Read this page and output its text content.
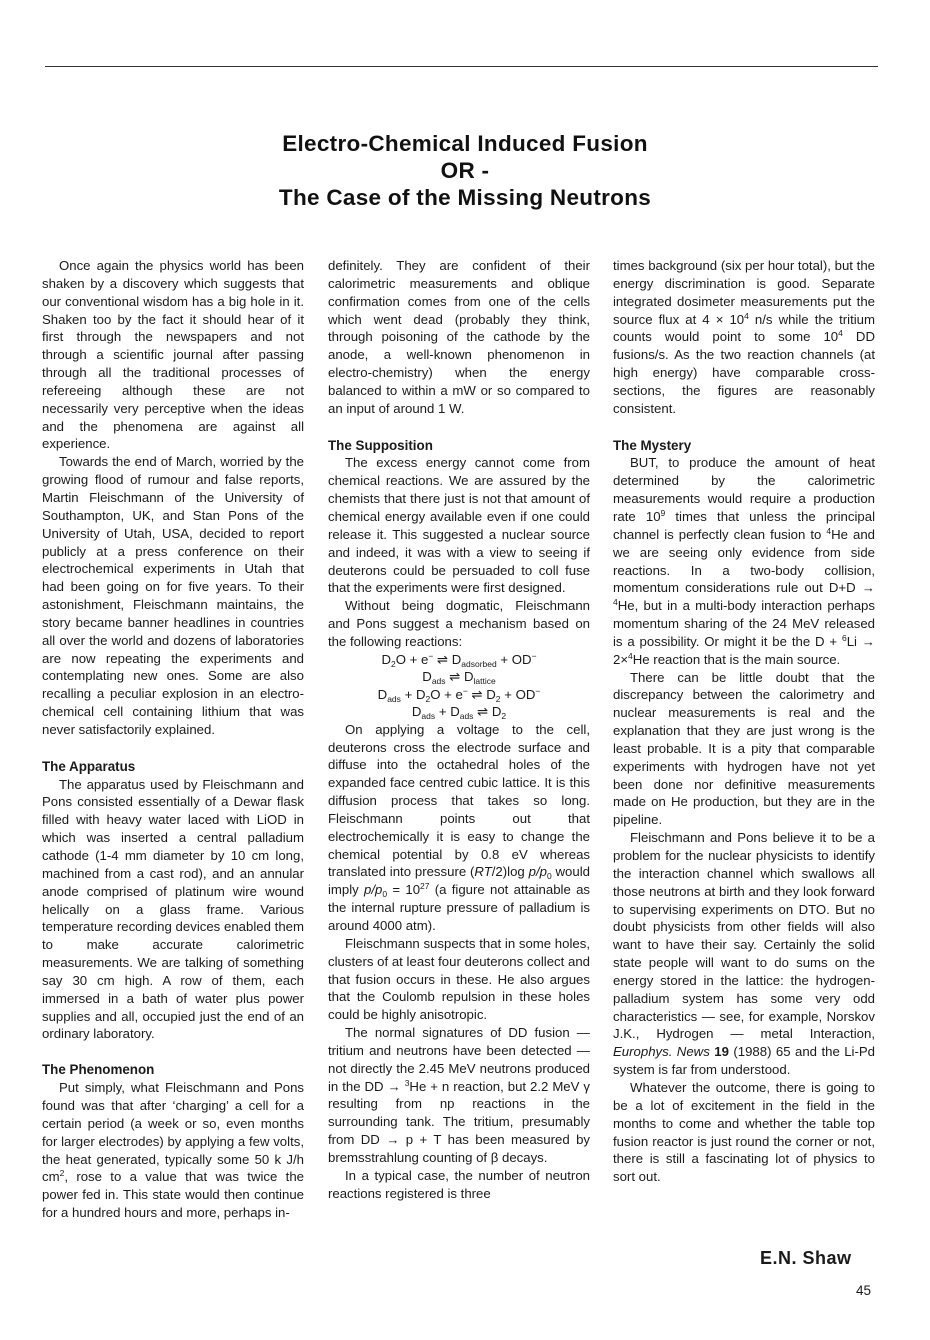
Electro-Chemical Induced Fusion
OR -
The Case of the Missing Neutrons

Once again the physics world has been shaken by a discovery which suggests that our conventional wisdom has a big hole in it. Shaken too by the fact it should hear of it first through the newspapers and not through a scientific journal after passing through all the traditional processes of refereeing although these are not necessarily very perceptive when the ideas and the phenomena are against all experience.

Towards the end of March, worried by the growing flood of rumour and false reports, Martin Fleischmann of the University of Southampton, UK, and Stan Pons of the University of Utah, USA, decided to report publicly at a press conference on their electrochemical experiments in Utah that had been going on for five years. To their astonishment, Fleischmann maintains, the story became banner headlines in countries all over the world and dozens of laboratories are now repeating the experiments and contemplating new ones. Some are also recalling a peculiar explosion in an electro-chemical cell containing lithium that was never satisfactorily explained.

The Apparatus

The apparatus used by Fleischmann and Pons consisted essentially of a Dewar flask filled with heavy water laced with LiOD in which was inserted a central palladium cathode (1-4 mm diameter by 10 cm long, machined from a cast rod), and an annular anode comprised of platinum wire wound helically on a glass frame. Various temperature recording devices enabled them to make accurate calorimetric measurements. We are talking of something say 30 cm high. A row of them, each immersed in a bath of water plus power supplies and all, occupied just the end of an ordinary laboratory.

The Phenomenon

Put simply, what Fleischmann and Pons found was that after ‘charging’ a cell for a certain period (a week or so, even months for larger electrodes) by applying a few volts, the heat generated, typically some 50 k J/h $cm^2$, rose to a value that was twice the power fed in. This state would then continue for a hundred hours and more, perhaps in-

definitely. They are confident of their calorimetric measurements and oblique confirmation comes from one of the cells which went dead (probably they think, through poisoning of the cathode by the anode, a well-known phenomenon in electro-chemistry) when the energy balanced to within a mW or so compared to an input of around 1 W.

The Supposition

The excess energy cannot come from chemical reactions. We are assured by the chemists that there just is not that amount of chemical energy available even if one could release it. This suggested a nuclear source and indeed, it was with a view to seeing if deuterons could be persuaded to coll fuse that the experiments were first designed.

Without being dogmatic, Fleischmann and Pons suggest a mechanism based on the following reactions:

$D_2O + e^-$ ⇌ $D_{adsorbed} + OD^-$
$D_{ads}$ ⇌ $D_{lattice}$
$D_{ads} + D_2O + e^-$ ⇌ $D_2 + OD^-$
$D_{ads} + D_{ads}$ ⇌ $D_2$

On applying a voltage to the cell, deuterons cross the electrode surface and diffuse into the octahedral holes of the expanded face centred cubic lattice. It is this diffusion process that takes so long. Fleischmann points out that electrochemically it is easy to change the chemical potential by 0.8 eV whereas translated into pressure (RT/2)log $p/p_0$ would imply $p/p_0 = 10^{27}$ (a figure not attainable as the internal rupture pressure of palladium is around 4000 atm).

Fleischmann suspects that in some holes, clusters of at least four deuterons collect and that fusion occurs in these. He also argues that the Coulomb repulsion in these holes could be highly anisotropic.

The normal signatures of DD fusion — tritium and neutrons have been detected — not directly the 2.45 MeV neutrons produced in the DD → $^3$He + n reaction, but 2.2 MeV γ resulting from np reactions in the surrounding tank. The tritium, presumably from DD → p + T has been measured by bremsstrahlung counting of β decays.

In a typical case, the number of neutron reactions registered is three

times background (six per hour total), but the energy discrimination is good. Separate integrated dosimeter measurements put the source flux at $4 \times 10^4$ n/s while the tritium counts would point to some $10^4$ DD fusions/s. As the two reaction channels (at high energy) have comparable cross-sections, the figures are reasonably consistent.

The Mystery

BUT, to produce the amount of heat determined by the calorimetric measurements would require a production rate $10^9$ times that unless the principal channel is perfectly clean fusion to $^4$He and we are seeing only evidence from side reactions. In a two-body collision, momentum considerations rule out D+D → $^4$He, but in a multi-body interaction perhaps momentum sharing of the 24 MeV released is a possibility. Or might it be the D + $^6$Li → 2×$^4$He reaction that is the main source.

There can be little doubt that the discrepancy between the calorimetry and nuclear measurements is real and the explanation that they are just wrong is the least probable. It is a pity that comparable experiments with hydrogen have not yet been done nor definitive measurements made on He production, but they are in the pipeline.

Fleischmann and Pons believe it to be a problem for the nuclear physicists to identify the interaction channel which swallows all those neutrons at birth and they look forward to supervising experiments on DTO. But no doubt physicists from other fields will also want to have their say. Certainly the solid state people will want to do sums on the energy stored in the lattice: the hydrogen-palladium system has some very odd characteristics — see, for example, Norskov J.K., Hydrogen — metal Interaction, Europhys. News 19 (1988) 65 and the Li-Pd system is far from understood.

Whatever the outcome, there is going to be a lot of excitement in the field in the months to come and whether the table top fusion reactor is just round the corner or not, there is still a fascinating lot of physics to sort out.

E.N. Shaw
45
